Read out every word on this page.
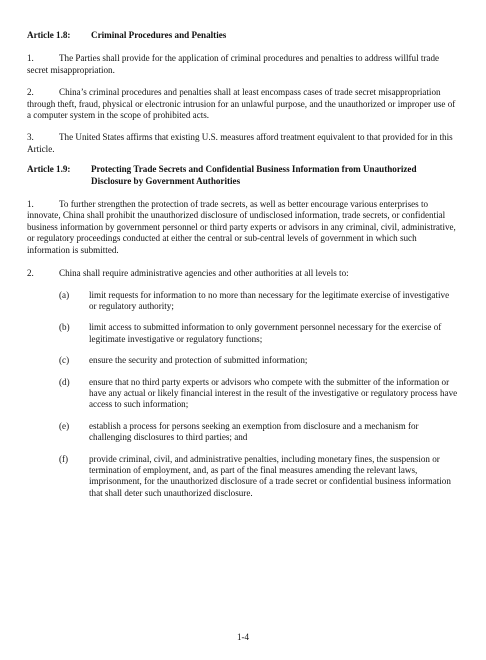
Article 1.8: Criminal Procedures and Penalties

1.	The Parties shall provide for the application of criminal procedures and penalties to address willful trade secret misappropriation.

2.	China’s criminal procedures and penalties shall at least encompass cases of trade secret misappropriation through theft, fraud, physical or electronic intrusion for an unlawful purpose, and the unauthorized or improper use of a computer system in the scope of prohibited acts.

3.	The United States affirms that existing U.S. measures afford treatment equivalent to that provided for in this Article.

Article 1.9:	Protecting Trade Secrets and Confidential Business Information from Unauthorized Disclosure by Government Authorities

1.	To further strengthen the protection of trade secrets, as well as better encourage various enterprises to innovate, China shall prohibit the unauthorized disclosure of undisclosed information, trade secrets, or confidential business information by government personnel or third party experts or advisors in any criminal, civil, administrative, or regulatory proceedings conducted at either the central or sub-central levels of government in which such information is submitted.

2.	China shall require administrative agencies and other authorities at all levels to:

(a)	limit requests for information to no more than necessary for the legitimate exercise of investigative or regulatory authority;
(b)	limit access to submitted information to only government personnel necessary for the exercise of legitimate investigative or regulatory functions;
(c)	ensure the security and protection of submitted information;
(d)	ensure that no third party experts or advisors who compete with the submitter of the information or have any actual or likely financial interest in the result of the investigative or regulatory process have access to such information;
(e)	establish a process for persons seeking an exemption from disclosure and a mechanism for challenging disclosures to third parties; and
(f)	provide criminal, civil, and administrative penalties, including monetary fines, the suspension or termination of employment, and, as part of the final measures amending the relevant laws, imprisonment, for the unauthorized disclosure of a trade secret or confidential business information that shall deter such unauthorized disclosure.
1-4
